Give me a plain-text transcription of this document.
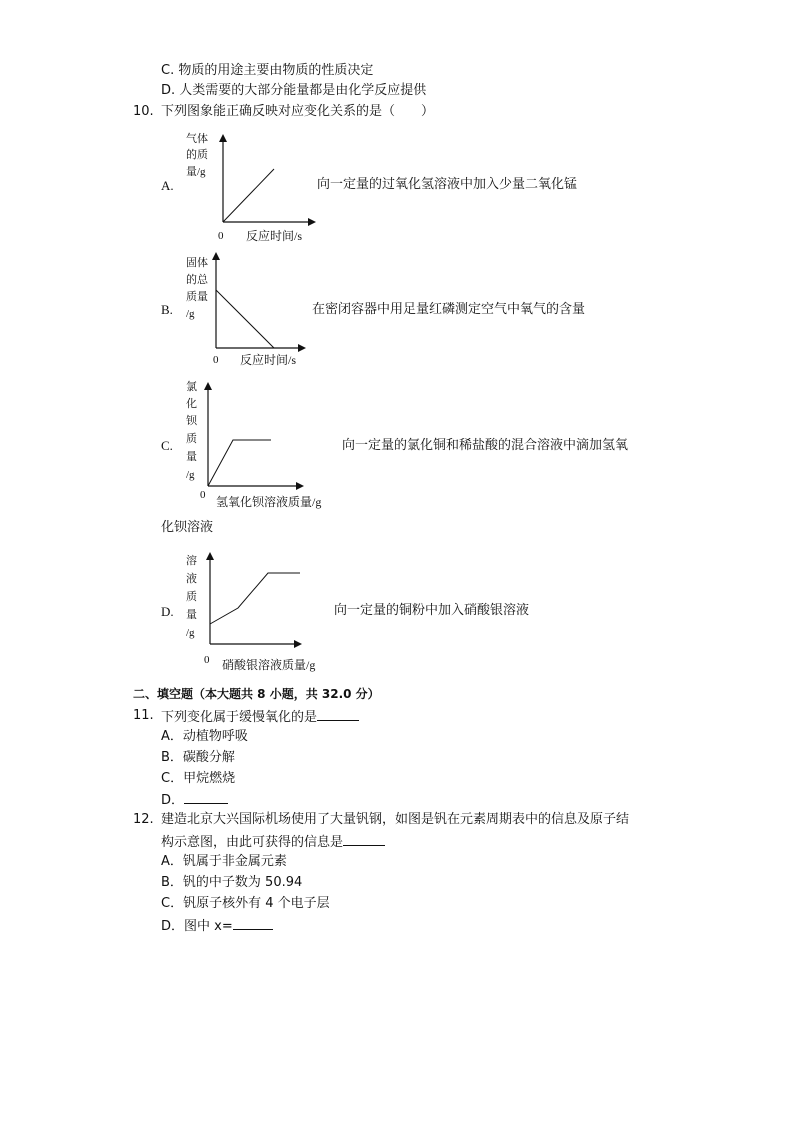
C. 物质的用途主要由物质的性质决定
D. 人类需要的大部分能量都是由化学反应提供
10. 下列图象能正确反映对应变化关系的是（　　）
A.
气体
的质
量/g
0 反应时间/s
向一定量的过氧化氢溶液中加入少量二氧化锰
B.
固体
的总
质量
/g
0 反应时间/s
在密闭容器中用足量红磷测定空气中氧气的含量
C.
氯
化
钡
质
量
/g
0 氢氧化钡溶液质量/g
向一定量的氯化铜和稀盐酸的混合溶液中滴加氢氧
化钡溶液
D.
溶
液
质
量
/g
0 硝酸银溶液质量/g
向一定量的铜粉中加入硝酸银溶液
二、填空题（本大题共 8 小题，共 32.0 分）
11. 下列变化属于缓慢氧化的是
A．动植物呼吸
B．碳酸分解
C．甲烷燃烧
D．
12. 建造北京大兴国际机场使用了大量钒钢，如图是钒在元素周期表中的信息及原子结
构示意图，由此可获得的信息是
A．钒属于非金属元素
B．钒的中子数为 50.94
C．钒原子核外有 4 个电子层
D．图中 x=
